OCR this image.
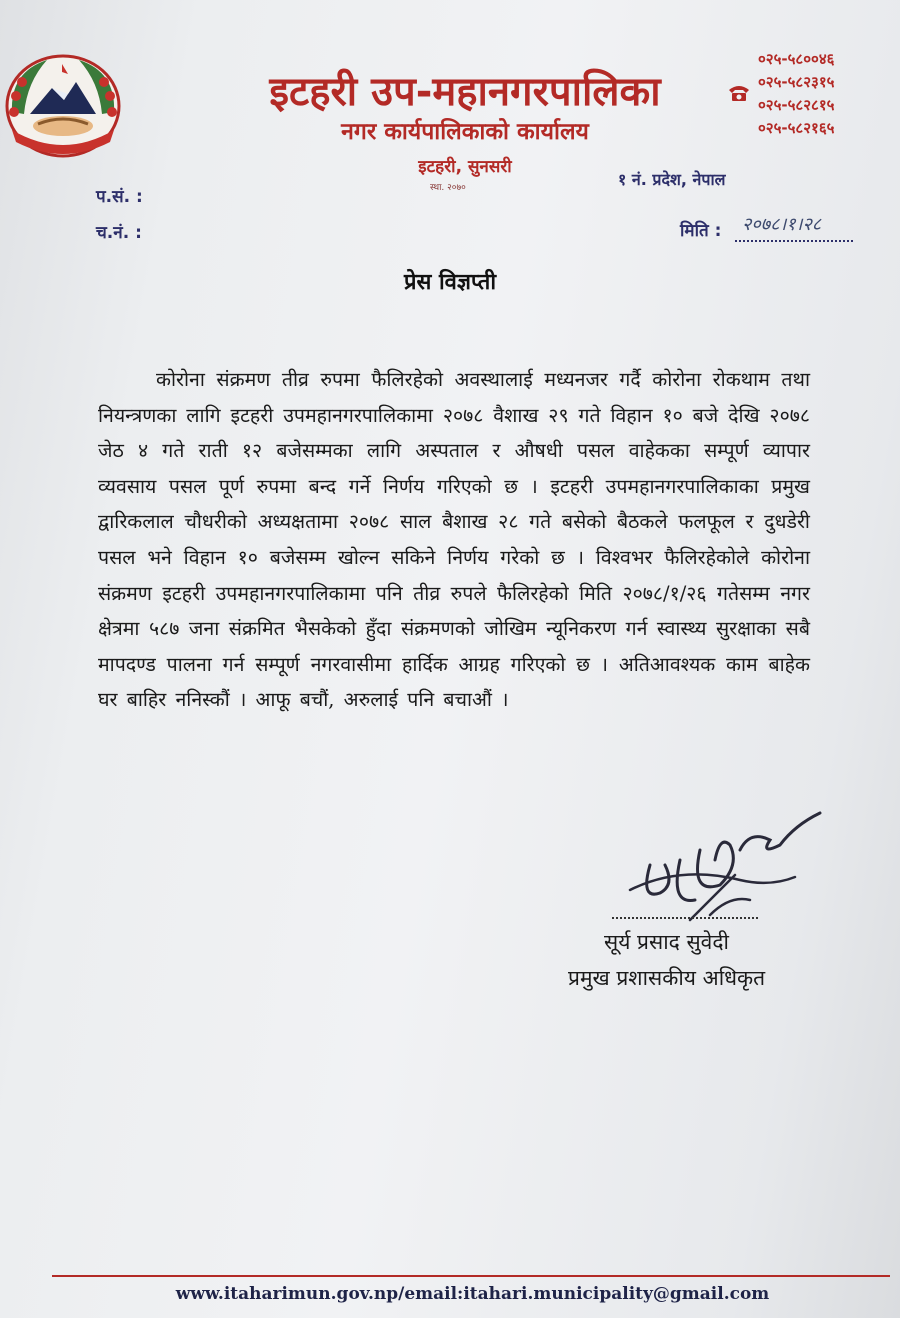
इटहरी उप-महानगरपालिका
नगर कार्यपालिकाको कार्यालय
इटहरी, सुनसरी
स्था. २०७०
०२५-५८००४६
०२५-५८२३१५
०२५-५८२८१५
०२५-५८२१६५
१ नं. प्रदेश, नेपाल
प.सं. :
च.नं. :	मिति : २०७८।१।२८
प्रेस विज्ञप्ती
कोरोना संक्रमण तीव्र रुपमा फैलिरहेको अवस्थालाई मध्यनजर गर्दै कोरोना रोकथाम तथा नियन्त्रणका लागि इटहरी उपमहानगरपालिकामा २०७८ वैशाख २९ गते विहान १० बजे देखि २०७८ जेठ ४ गते राती १२ बजेसम्मका लागि अस्पताल र औषधी पसल वाहेकका सम्पूर्ण व्यापार व्यवसाय पसल पूर्ण रुपमा बन्द गर्ने निर्णय गरिएको छ । इटहरी उपमहानगरपालिकाका प्रमुख द्वारिकलाल चौधरीको अध्यक्षतामा २०७८ साल बैशाख २८ गते बसेको बैठकले फलफूल र दुधडेरी पसल भने विहान १० बजेसम्म खोल्न सकिने निर्णय गरेको छ । विश्वभर फैलिरहेकोले कोरोना संक्रमण इटहरी उपमहानगरपालिकामा पनि तीव्र रुपले फैलिरहेको मिति २०७८/१/२६ गतेसम्म नगर क्षेत्रमा ५८७ जना संक्रमित भैसकेको हुँदा संक्रमणको जोखिम न्यूनिकरण गर्न स्वास्थ्य सुरक्षाका सबै मापदण्ड पालना गर्न सम्पूर्ण नगरवासीमा हार्दिक आग्रह गरिएको छ । अतिआवश्यक काम बाहेक घर बाहिर ननिस्कौं । आफू बचौं, अरुलाई पनि बचाऔं ।
सूर्य प्रसाद सुवेदी
प्रमुख प्रशासकीय अधिकृत
www.itaharimun.gov.np/email:itahari.municipality@gmail.com
